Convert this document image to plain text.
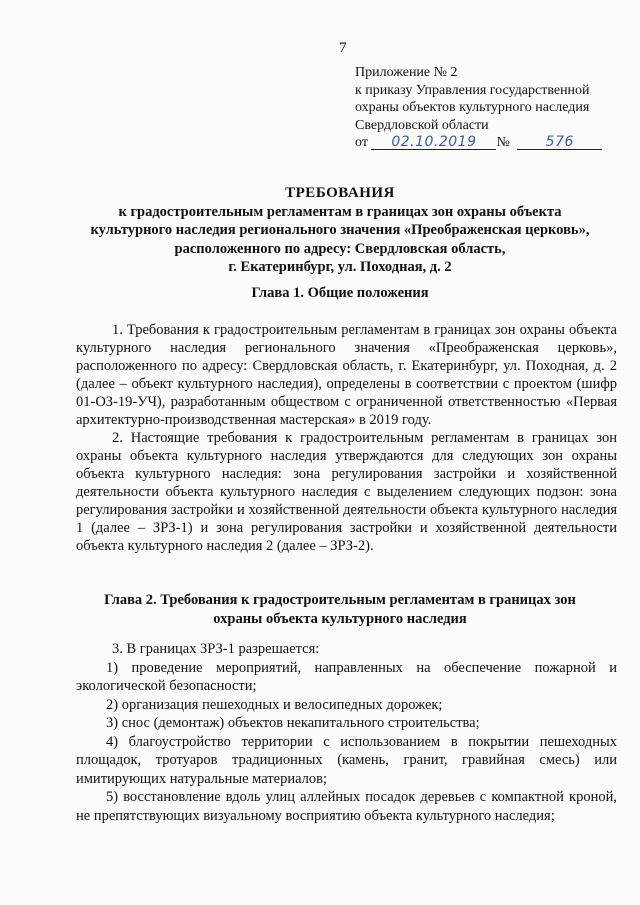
7
Приложение № 2
к приказу Управления государственной
охраны объектов культурного наследия
Свердловской области
от 02.10.2019 №	576
ТРЕБОВАНИЯ
к градостроительным регламентам в границах зон охраны объекта
культурного наследия регионального значения «Преображенская церковь»,
расположенного по адресу: Свердловская область,
г. Екатеринбург, ул. Походная, д. 2
Глава 1. Общие положения

1. Требования к градостроительным регламентам в границах зон охраны объекта культурного наследия регионального значения «Преображенская церковь», расположенного по адресу: Свердловская область, г. Екатеринбург, ул. Походная, д. 2 (далее – объект культурного наследия), определены в соответствии с проектом (шифр 01-ОЗ-19-УЧ), разработанным обществом с ограниченной ответственностью «Первая архитектурно-производственная мастерская» в 2019 году.

2. Настоящие требования к градостроительным регламентам в границах зон охраны объекта культурного наследия утверждаются для следующих зон охраны объекта культурного наследия: зона регулирования застройки и хозяйственной деятельности объекта культурного наследия с выделением следующих подзон: зона регулирования застройки и хозяйственной деятельности объекта культурного наследия 1 (далее – ЗРЗ-1) и зона регулирования застройки и хозяйственной деятельности объекта культурного наследия 2 (далее – ЗРЗ-2).

Глава 2. Требования к градостроительным регламентам в границах зон
охраны объекта культурного наследия

3. В границах ЗРЗ-1 разрешается:

1) проведение мероприятий, направленных на обеспечение пожарной и экологической безопасности;

2) организация пешеходных и велосипедных дорожек;

3) снос (демонтаж) объектов некапитального строительства;

4) благоустройство территории с использованием в покрытии пешеходных площадок, тротуаров традиционных (камень, гранит, гравийная смесь) или имитирующих натуральные материалов;

5) восстановление вдоль улиц аллейных посадок деревьев с компактной кроной, не препятствующих визуальному восприятию объекта культурного наследия;
